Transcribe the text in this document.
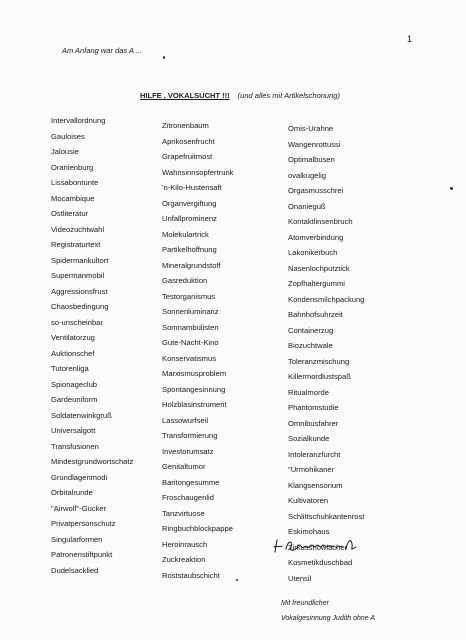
1
Am Anfang war das A ...
HILFE , VOKALSUCHT !!! (und alles mit Artikelschonung)
Intervallordnung
Gauloises
Jalousie
Oranienburg
Lissabontunte
Mocambique
Ostliteratur
Videozuchtwahl
Registraturtext
Spidermankultort
Supermanmobil
Aggressionsfrust
Chaosbedingung
so-unscheinbar
Ventilatorzug
Auktionschef
Tutorenliga
Spionageclub
Gardeuniform
Soldatenwinkgruß
Universalgott
Transfusionen
Mindestgrundwortschatz
Grundlagenmodi
Orbitalrunde
"Airwolf"-Gucker
Privatpersonschutz
Singularformen
Patronenstiftpunkt
Dudelsacklied
Zitronenbaum
Aprikosenfrucht
Grapefruitmost
Wahnsinnsopfertrunk
'n-Kilo-Hustensaft
Organvergiftung
Unfallprominenz
Molekulartrick
Partikelhoffnung
Mineralgrundstoff
Gasreduktion
Testorganismus
Sonnenluminanz
Somnambulisten
Gute-Nacht-Kino
Konservatismus
Marxismusproblem
Spontangesinnung
Holzblasinstrument
Lassowurfseil
Transformierung
Investorumsatz
Genitaltumor
Baritongesumme
Froschaugenlid
Tanzvirtuose
Ringbuchblockpappe
Heroinrausch
Zuckreaktion
Roststaubschicht
Omis-Urahne
Wangenrottussi
Optimalbusen
ovalkugelig
Orgasmusschrei
Onanieguß
Kontaktlinsenbruch
Atomverbindung
Lakonikerbuch
Nasenlochputztick
Zopfhaltergummi
Kondensmilchpackung
Bahnhofsuhrzeit
Containerzug
Biozuchtwale
Toleranzmischung
Killermordlustspaß
Ritualmorde
Phantomstudie
Omnibusfahrer
Sozialkunde
Intoleranzfurcht
"Urmohikaner
Klangsensorium
Kultivatoren
Schlittschuhkantenrost
Eskimohaus
Zirkusshowlacher
Kosmetikduschbad
Utensil
Mit freundlicher
Vokalgesinnung Judith ohne A
